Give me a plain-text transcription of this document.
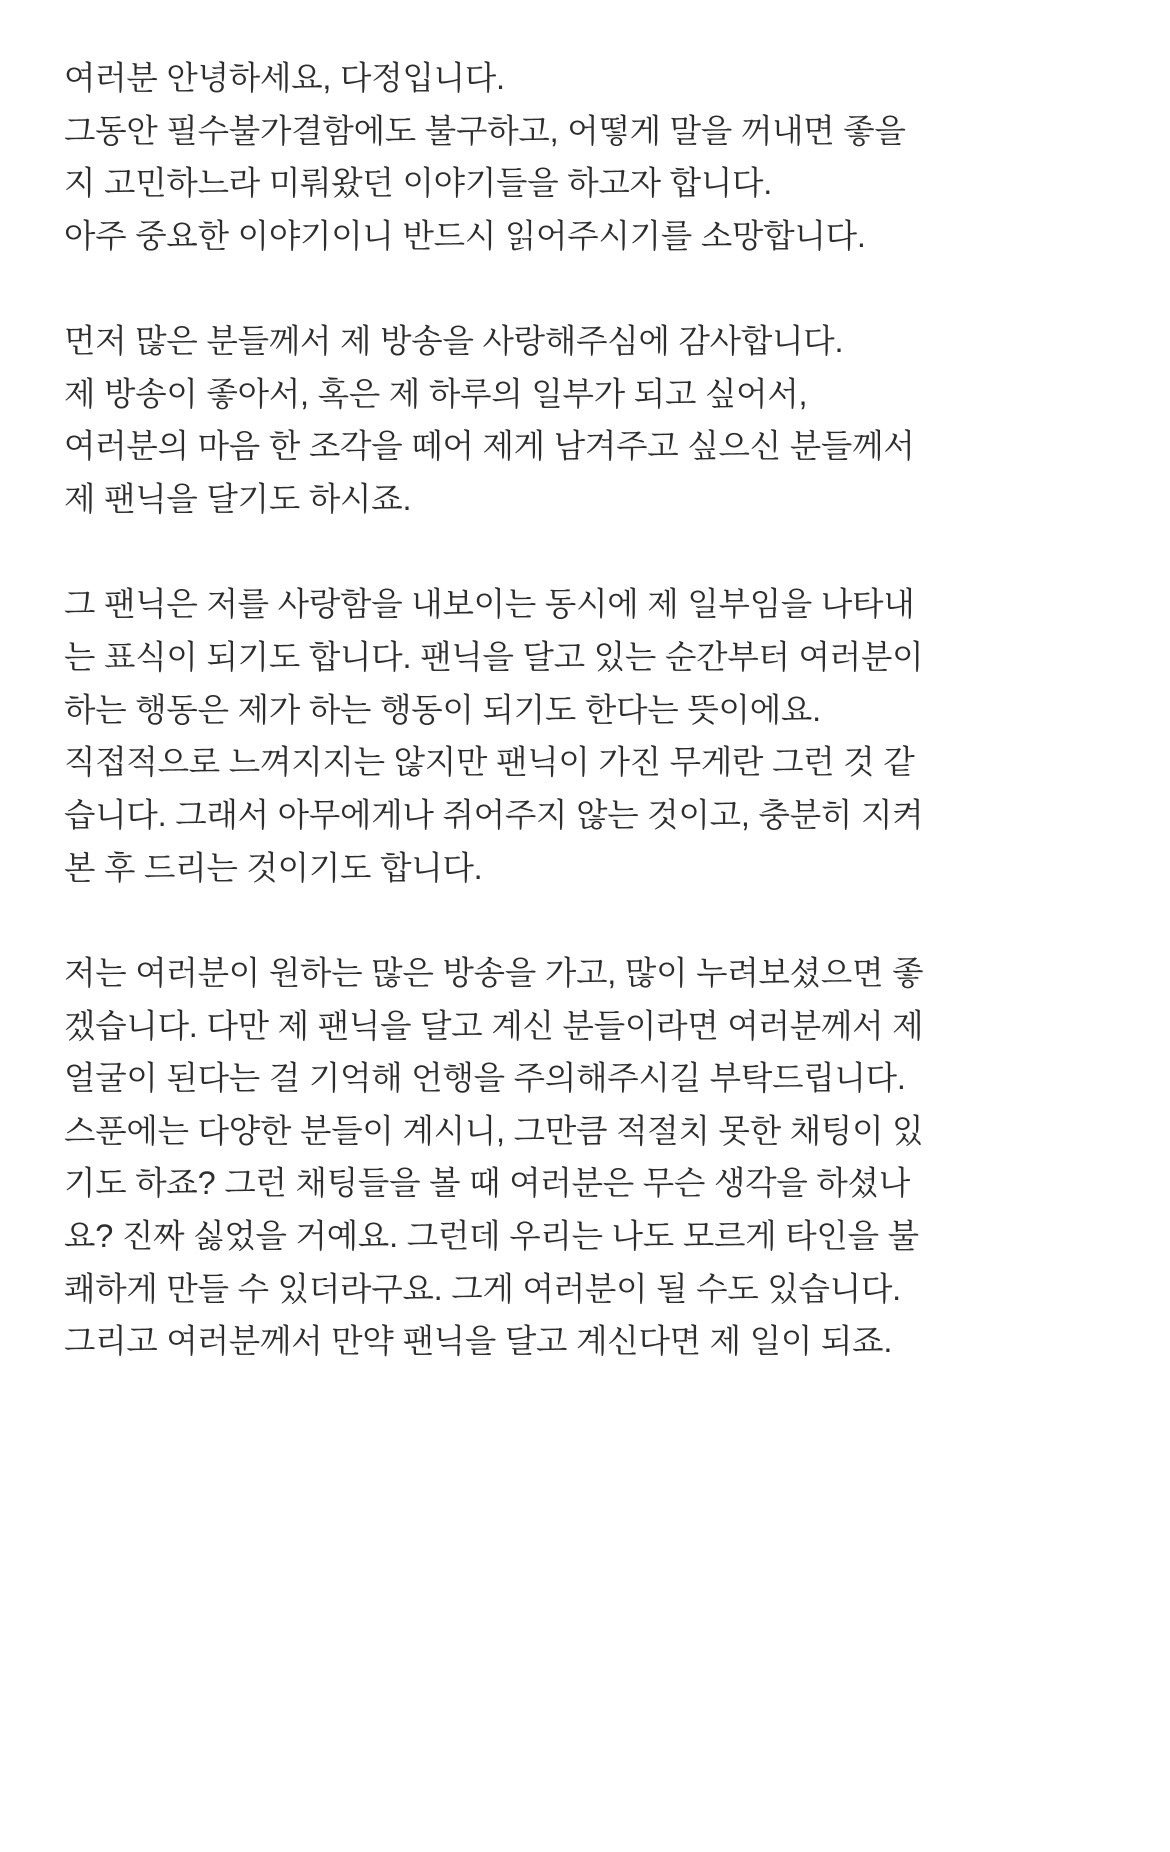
여러분 안녕하세요, 다정입니다.
그동안 필수불가결함에도 불구하고, 어떻게 말을 꺼내면 좋을
지 고민하느라 미뤄왔던 이야기들을 하고자 합니다.
아주 중요한 이야기이니 반드시 읽어주시기를 소망합니다.

먼저 많은 분들께서 제 방송을 사랑해주심에 감사합니다.
제 방송이 좋아서, 혹은 제 하루의 일부가 되고 싶어서,
여러분의 마음 한 조각을 떼어 제게 남겨주고 싶으신 분들께서
제 팬닉을 달기도 하시죠.

그 팬닉은 저를 사랑함을 내보이는 동시에 제 일부임을 나타내
는 표식이 되기도 합니다. 팬닉을 달고 있는 순간부터 여러분이
하는 행동은 제가 하는 행동이 되기도 한다는 뜻이에요.
직접적으로 느껴지지는 않지만 팬닉이 가진 무게란 그런 것 같
습니다. 그래서 아무에게나 쥐어주지 않는 것이고, 충분히 지켜
본 후 드리는 것이기도 합니다.

저는 여러분이 원하는 많은 방송을 가고, 많이 누려보셨으면 좋
겠습니다. 다만 제 팬닉을 달고 계신 분들이라면 여러분께서 제
얼굴이 된다는 걸 기억해 언행을 주의해주시길 부탁드립니다.
스푼에는 다양한 분들이 계시니, 그만큼 적절치 못한 채팅이 있
기도 하죠? 그런 채팅들을 볼 때 여러분은 무슨 생각을 하셨나
요? 진짜 싫었을 거예요. 그런데 우리는 나도 모르게 타인을 불
쾌하게 만들 수 있더라구요. 그게 여러분이 될 수도 있습니다.
그리고 여러분께서 만약 팬닉을 달고 계신다면 제 일이 되죠.
